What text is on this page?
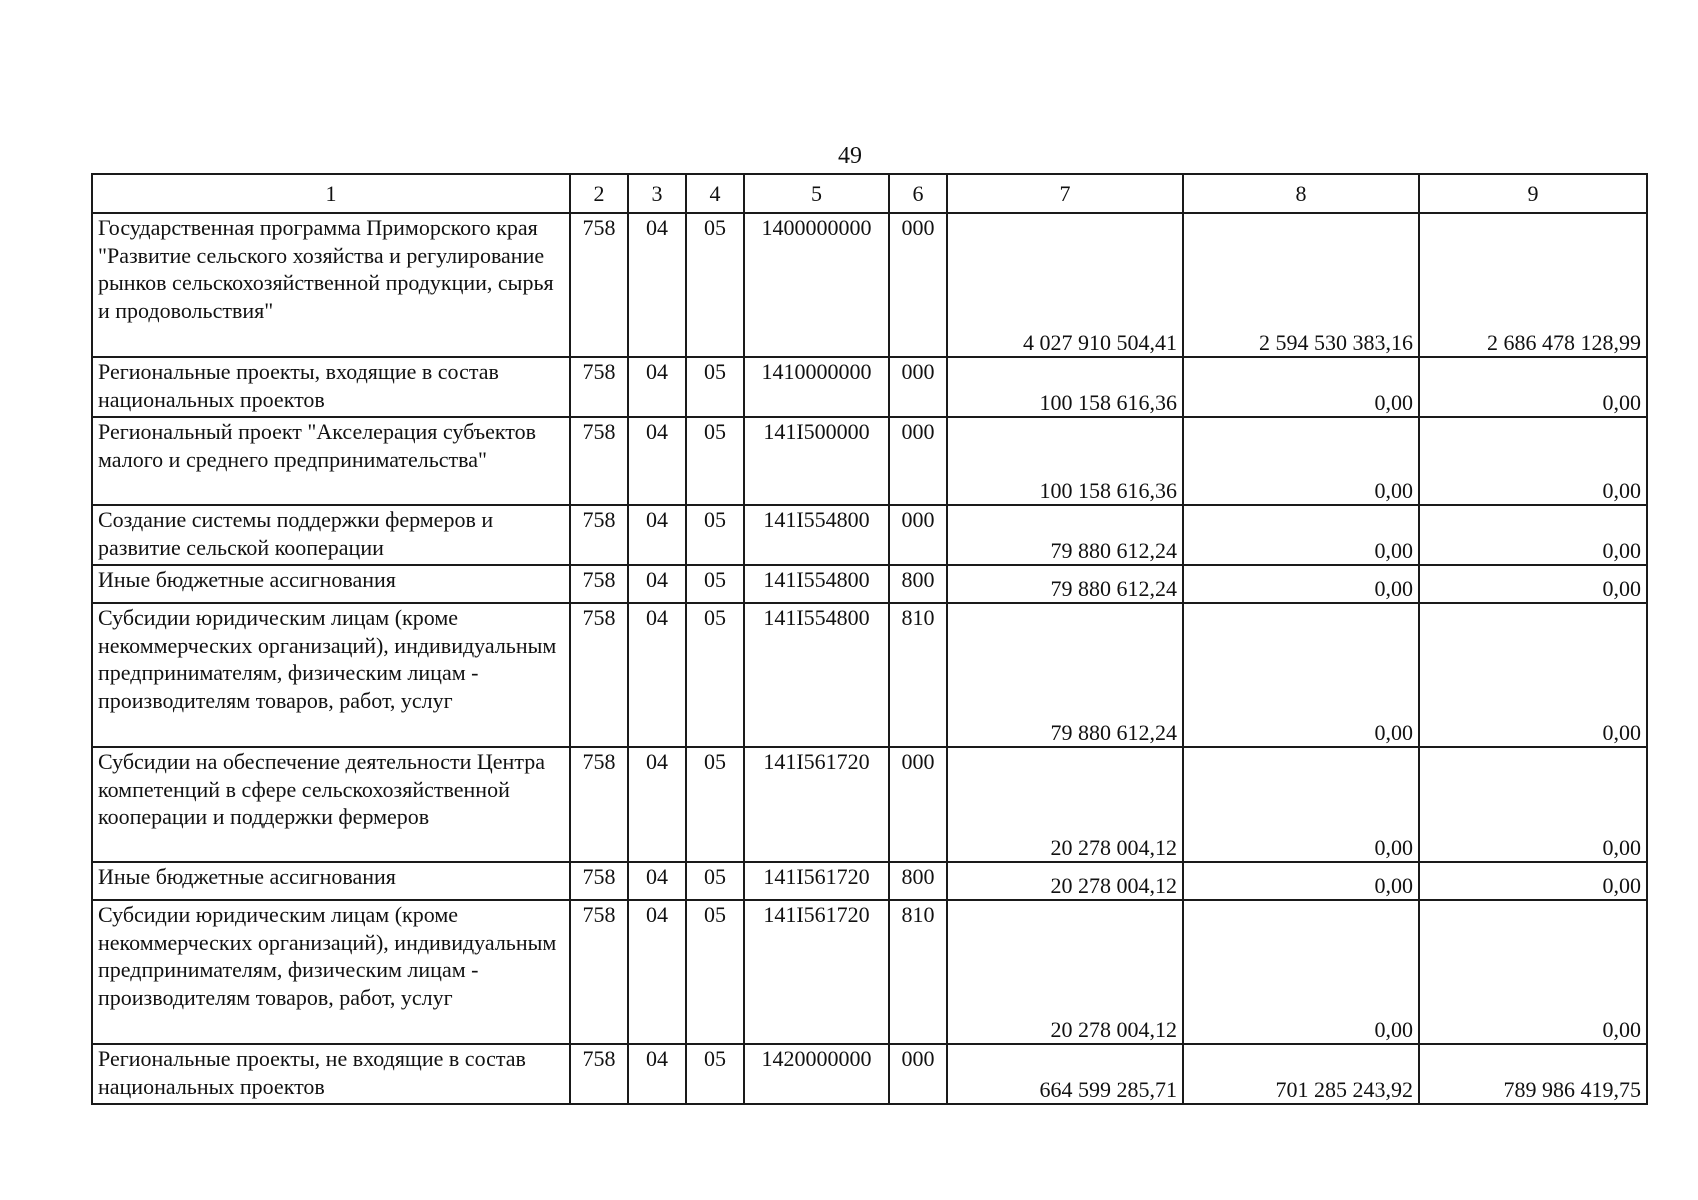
49
1	2	3	4	5	6	7	8	9
Государственная программа Приморского края "Развитие сельского хозяйства и регулирование рынков сельскохозяйственной продукции, сырья и продовольствия"	758	04	05	1400000000	000	4 027 910 504,41	2 594 530 383,16	2 686 478 128,99
Региональные проекты, входящие в состав национальных проектов	758	04	05	1410000000	000	100 158 616,36	0,00	0,00
Региональный проект "Акселерация субъектов малого и среднего предпринимательства"	758	04	05	141I500000	000	100 158 616,36	0,00	0,00
Создание системы поддержки фермеров и развитие сельской кооперации	758	04	05	141I554800	000	79 880 612,24	0,00	0,00
Иные бюджетные ассигнования	758	04	05	141I554800	800	79 880 612,24	0,00	0,00
Субсидии юридическим лицам (кроме некоммерческих организаций), индивидуальным предпринимателям, физическим лицам - производителям товаров, работ, услуг	758	04	05	141I554800	810	79 880 612,24	0,00	0,00
Субсидии на обеспечение деятельности Центра компетенций в сфере сельскохозяйственной кооперации и поддержки фермеров	758	04	05	141I561720	000	20 278 004,12	0,00	0,00
Иные бюджетные ассигнования	758	04	05	141I561720	800	20 278 004,12	0,00	0,00
Субсидии юридическим лицам (кроме некоммерческих организаций), индивидуальным предпринимателям, физическим лицам - производителям товаров, работ, услуг	758	04	05	141I561720	810	20 278 004,12	0,00	0,00
Региональные проекты, не входящие в состав национальных проектов	758	04	05	1420000000	000	664 599 285,71	701 285 243,92	789 986 419,75
